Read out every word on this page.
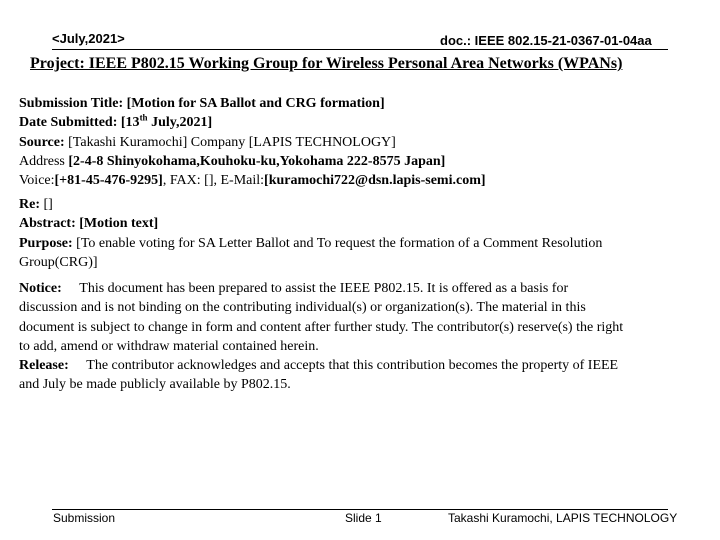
<July,2021>	doc.: IEEE 802.15-21-0367-01-04aa
Project: IEEE P802.15 Working Group for Wireless Personal Area Networks (WPANs)
Submission Title: [Motion for SA Ballot and CRG formation]
Date Submitted: [13th July,2021]
Source: [Takashi Kuramochi] Company [LAPIS TECHNOLOGY]
Address [2-4-8 Shinyokohama,Kouhoku-ku,Yokohama 222-8575 Japan]
Voice:[+81-45-476-9295], FAX: [], E-Mail:[kuramochi722@dsn.lapis-semi.com]
Re: []
Abstract: [Motion text]
Purpose: [To enable voting for SA Letter Ballot and To request the formation of a Comment Resolution
Group(CRG)]
Notice: This document has been prepared to assist the IEEE P802.15. It is offered as a basis for
discussion and is not binding on the contributing individual(s) or organization(s). The material in this
document is subject to change in form and content after further study. The contributor(s) reserve(s) the right
to add, amend or withdraw material contained herein.
Release: The contributor acknowledges and accepts that this contribution becomes the property of IEEE
and July be made publicly available by P802.15.
Submission	Slide 1	Takashi Kuramochi, LAPIS TECHNOLOGY
